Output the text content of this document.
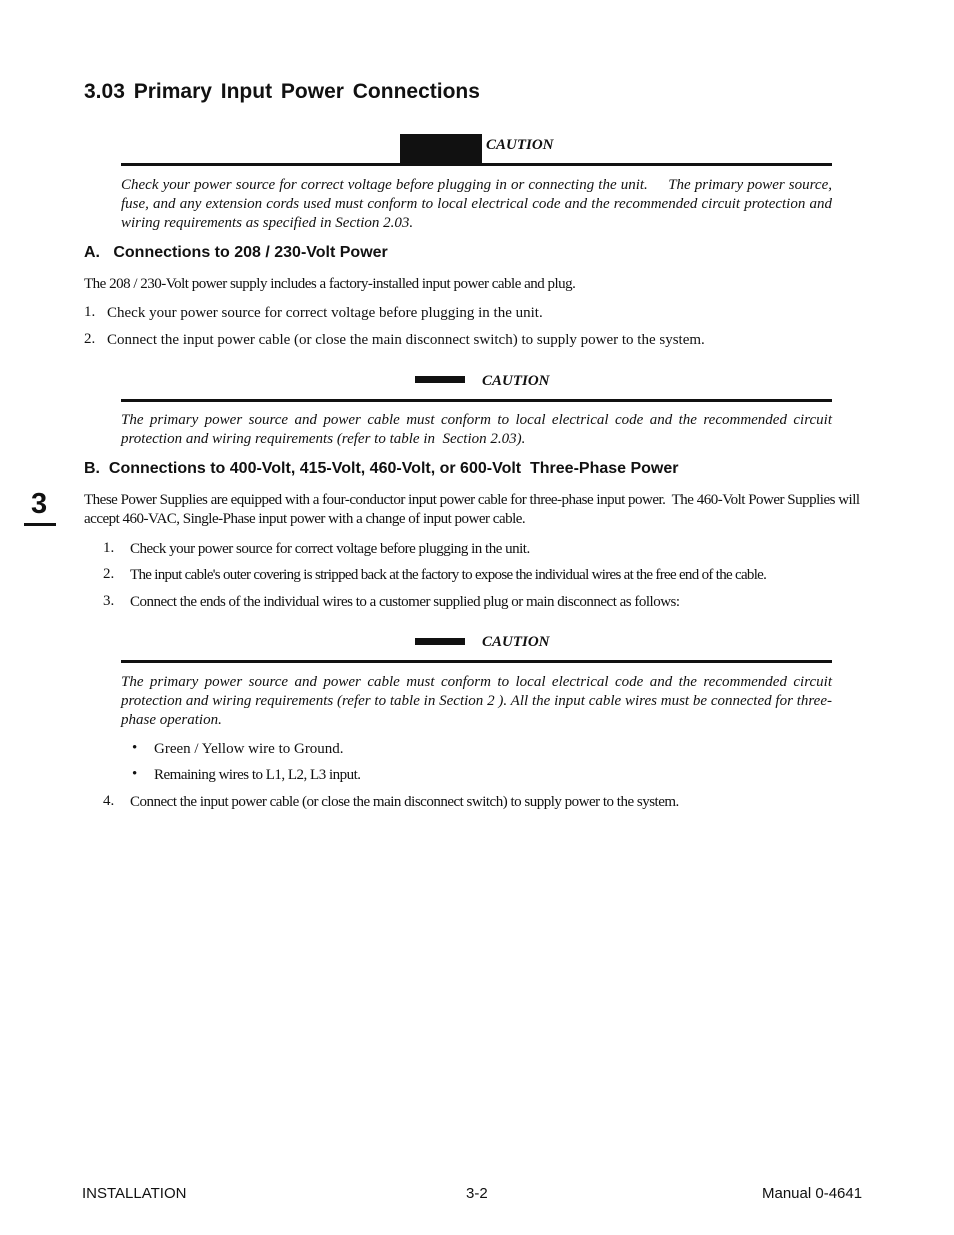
3.03 Primary Input Power Connections
CAUTION
Check your power source for correct voltage before plugging in or connecting the unit.     The primary power source, fuse, and any extension cords used must conform to local electrical code and the recommended circuit protection and wiring requirements as specified in Section 2.03.
A.   Connections to 208 / 230-Volt Power
The 208 / 230-Volt power supply includes a factory-installed input power cable and plug.
1. Check your power source for correct voltage before plugging in the unit.
2. Connect the input power cable (or close the main disconnect switch) to supply power to the system.
CAUTION
The primary power source and power cable must conform to local electrical code and the recommended circuit protection and wiring requirements (refer to table in  Section 2.03).
B.  Connections to 400-Volt, 415-Volt, 460-Volt, or 600-Volt  Three-Phase Power
These Power Supplies are equipped with a four-conductor input power cable for three-phase input power.  The 460-Volt Power Supplies will accept 460-VAC, Single-Phase input power with a change of input power cable.
1. Check your power source for correct voltage before plugging in the unit.
2. The input cable's outer covering is stripped back at the factory to expose the individual wires at the free end of the cable.
3. Connect the ends of the individual wires to a customer supplied plug or main disconnect as follows:
CAUTION
The primary power source and power cable must conform to local electrical code and the recommended circuit protection and wiring requirements (refer to table in Section 2 ). All the input cable wires must be connected for three-phase operation.
• Green / Yellow wire to Ground.
• Remaining wires to L1, L2, L3 input.
4. Connect the input power cable (or close the main disconnect switch) to supply power to the system.
3
INSTALLATION	3-2	Manual 0-4641
